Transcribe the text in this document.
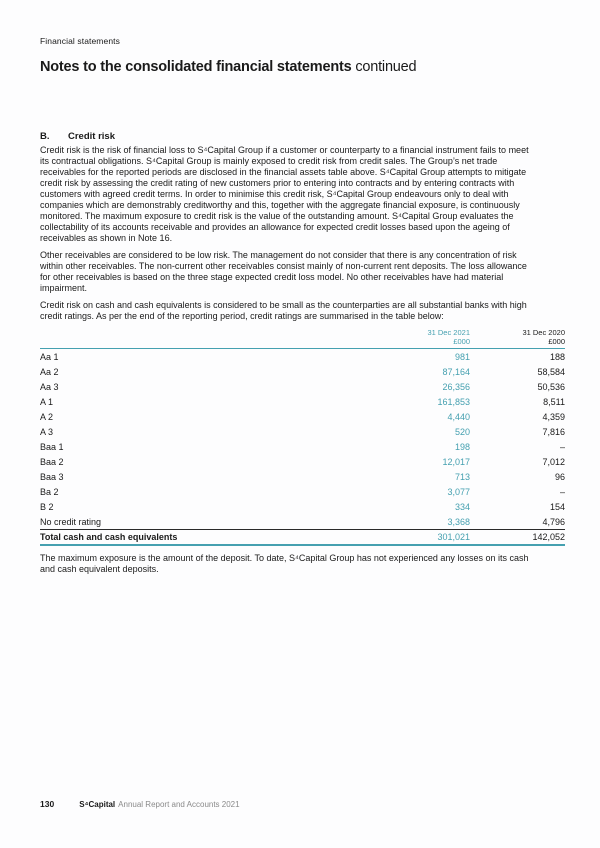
Financial statements
Notes to the consolidated financial statements continued
B.	Credit risk

Credit risk is the risk of financial loss to S⁴Capital Group if a customer or counterparty to a financial instrument fails to meet its contractual obligations. S⁴Capital Group is mainly exposed to credit risk from credit sales. The Group’s net trade receivables for the reported periods are disclosed in the financial assets table above. S⁴Capital Group attempts to mitigate credit risk by assessing the credit rating of new customers prior to entering into contracts and by entering contracts with customers with agreed credit terms. In order to minimise this credit risk, S⁴Capital Group endeavours only to deal with companies which are demonstrably creditworthy and this, together with the aggregate financial exposure, is continuously monitored. The maximum exposure to credit risk is the value of the outstanding amount. S⁴Capital Group evaluates the collectability of its accounts receivable and provides an allowance for expected credit losses based upon the ageing of receivables as shown in Note 16.

Other receivables are considered to be low risk. The management do not consider that there is any concentration of risk within other receivables. The non-current other receivables consist mainly of non-current rent deposits. The loss allowance for other receivables is based on the three stage expected credit loss model. No other receivables have had material impairment.

Credit risk on cash and cash equivalents is considered to be small as the counterparties are all substantial banks with high credit ratings. As per the end of the reporting period, credit ratings are summarised in the table below:

31 Dec 2021
£000
31 Dec 2020
£000
Aa 1	981	188
Aa 2	87,164	58,584
Aa 3	26,356	50,536
A 1	161,853	8,511
A 2	4,440	4,359
A 3	520	7,816
Baa 1	198	–
Baa 2	12,017	7,012
Baa 3	713	96
Ba 2	3,077	–
B 2	334	154
No credit rating	3,368	4,796
Total cash and cash equivalents	301,021	142,052

The maximum exposure is the amount of the deposit. To date, S⁴Capital Group has not experienced any losses on its cash and cash equivalent deposits.

130	S⁴Capital Annual Report and Accounts 2021
